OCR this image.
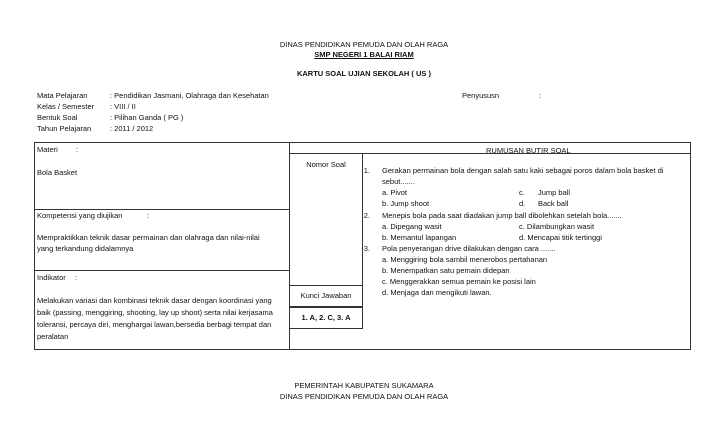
DINAS PENDIDIKAN PEMUDA DAN OLAH RAGA
SMP NEGERI 1 BALAI RIAM
KARTU SOAL UJIAN SEKOLAH ( US )
Mata Pelajaran	: Pendidikan Jasmani, Olahraga dan Kesehatan
Kelas / Semester : VIII / II
Bentuk Soal	: Pilihan Ganda ( PG )
Tahun Pelajaran	: 2011 / 2012
Penyususn	:
Materi :
Bola Basket
Kompetensi yang diujikan	:
Mempraktikkan teknik dasar permainan dan olahraga dan nilai-nilai
yang terkandung didalamnya
Indikator :
Melakukan variasi dan kombinasi teknik dasar dengan koordinasi yang
baik (passing, menggiring, shooting, lay up shoot) serta nilai kerjasama
toleransi, percaya diri, menghargai lawan,bersedia berbagi tempat dan
peralatan
Nomor Soal
Kunci Jawaban
1. A, 2. C, 3. A
RUMUSAN BUTIR SOAL
1. Gerakan permainan bola dengan salah satu kaki sebagai poros dalam bola basket di
sebut.......
a. Pivot
b. Jump shoot
c. Jump ball
d. Back ball
2. Menepis bola pada saat diadakan jump ball dibolehkan setelah bola.......
a. Dipegang wasit
b. Memantul lapangan
c. Dilambungkan wasit
d. Mencapai titik tertinggi
3. Pola penyerangan drive dilakukan dengan cara .......
a. Menggiring bola sambil menerobos pertahanan
b. Menempatkan satu pemain didepan
c. Menggerakkan semua pemain ke posisi lain
d. Menjaga dan mengikuti lawan.
PEMERINTAH KABUPATEN SUKAMARA
DINAS PENDIDIKAN PEMUDA DAN OLAH RAGA
